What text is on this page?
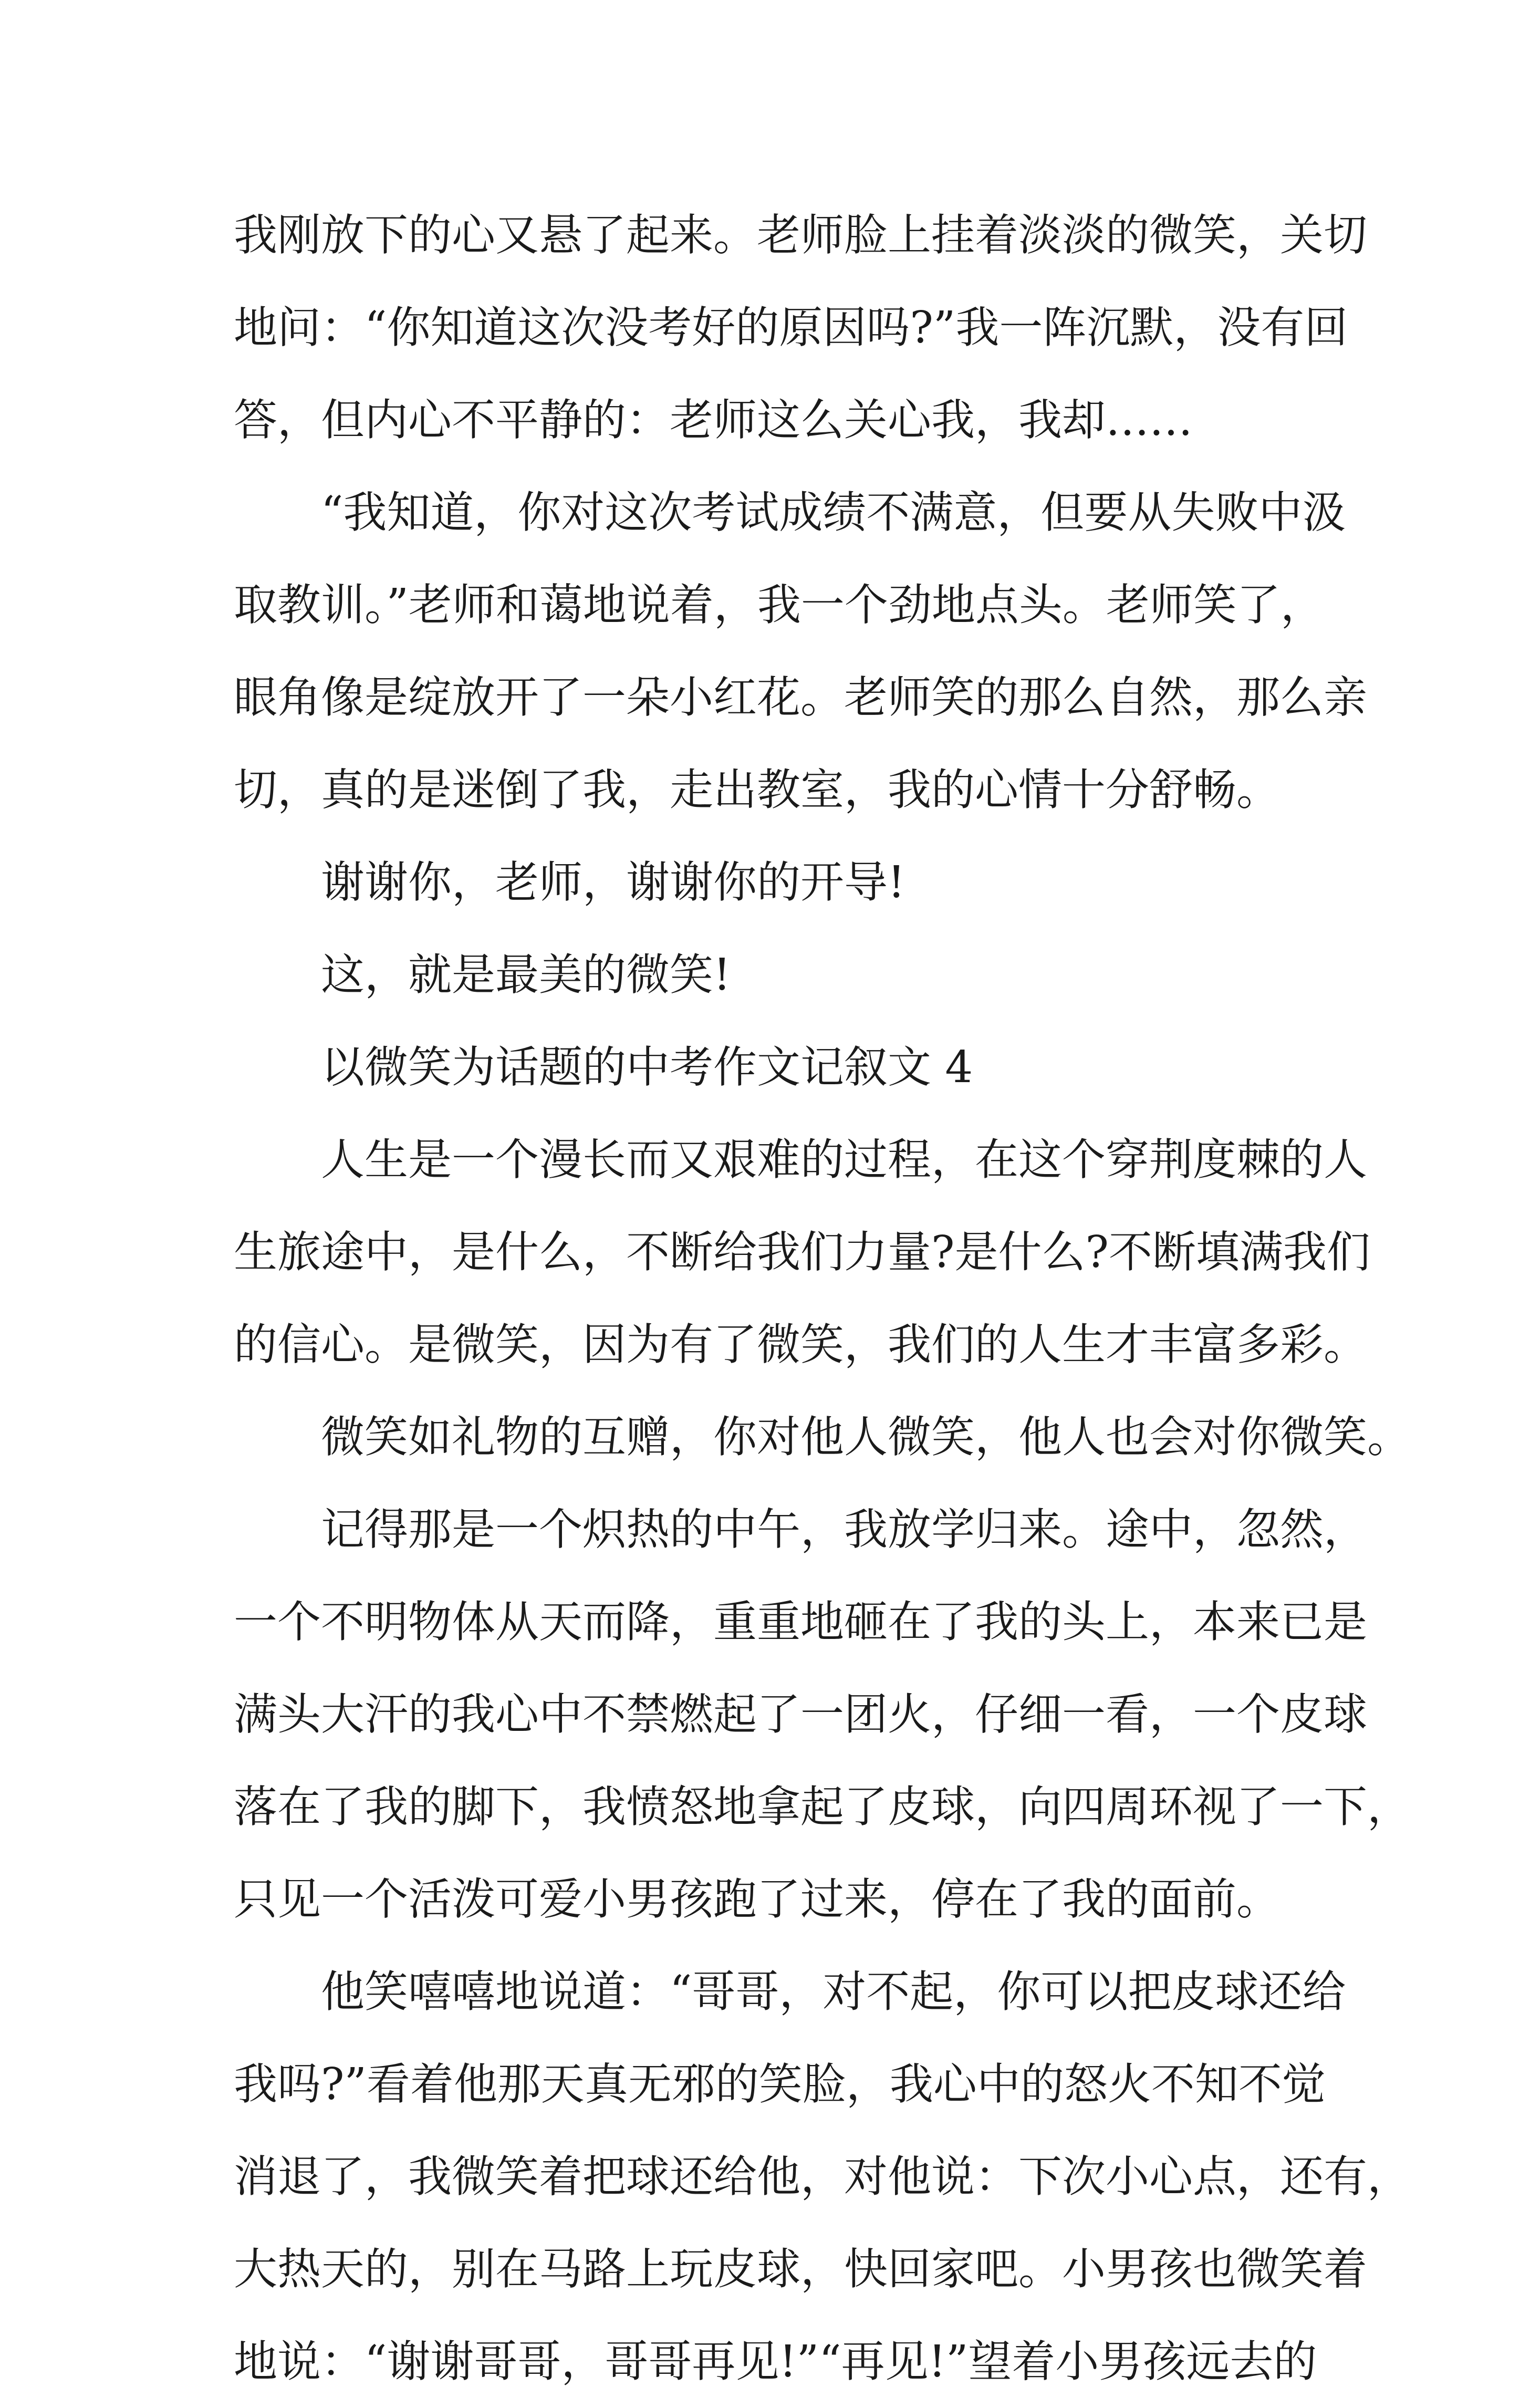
我刚放下的心又悬了起来。老师脸上挂着淡淡的微笑，关切
地问：“你知道这次没考好的原因吗?”我一阵沉默，没有回
答，但内心不平静的：老师这么关心我，我却……
“我知道，你对这次考试成绩不满意，但要从失败中汲
取教训。”老师和蔼地说着，我一个劲地点头。老师笑了，
眼角像是绽放开了一朵小红花。老师笑的那么自然，那么亲
切，真的是迷倒了我，走出教室，我的心情十分舒畅。
谢谢你，老师，谢谢你的开导!
这，就是最美的微笑!
以微笑为话题的中考作文记叙文 4
人生是一个漫长而又艰难的过程，在这个穿荆度棘的人
生旅途中，是什么，不断给我们力量?是什么?不断填满我们
的信心。是微笑，因为有了微笑，我们的人生才丰富多彩。
微笑如礼物的互赠，你对他人微笑，他人也会对你微笑。
记得那是一个炽热的中午，我放学归来。途中，忽然，
一个不明物体从天而降，重重地砸在了我的头上，本来已是
满头大汗的我心中不禁燃起了一团火，仔细一看，一个皮球
落在了我的脚下，我愤怒地拿起了皮球，向四周环视了一下，
只见一个活泼可爱小男孩跑了过来，停在了我的面前。
他笑嘻嘻地说道：“哥哥，对不起，你可以把皮球还给
我吗?”看着他那天真无邪的笑脸，我心中的怒火不知不觉
消退了，我微笑着把球还给他，对他说：下次小心点，还有，
大热天的，别在马路上玩皮球，快回家吧。小男孩也微笑着
地说：“谢谢哥哥，哥哥再见!”“再见!”望着小男孩远去的
